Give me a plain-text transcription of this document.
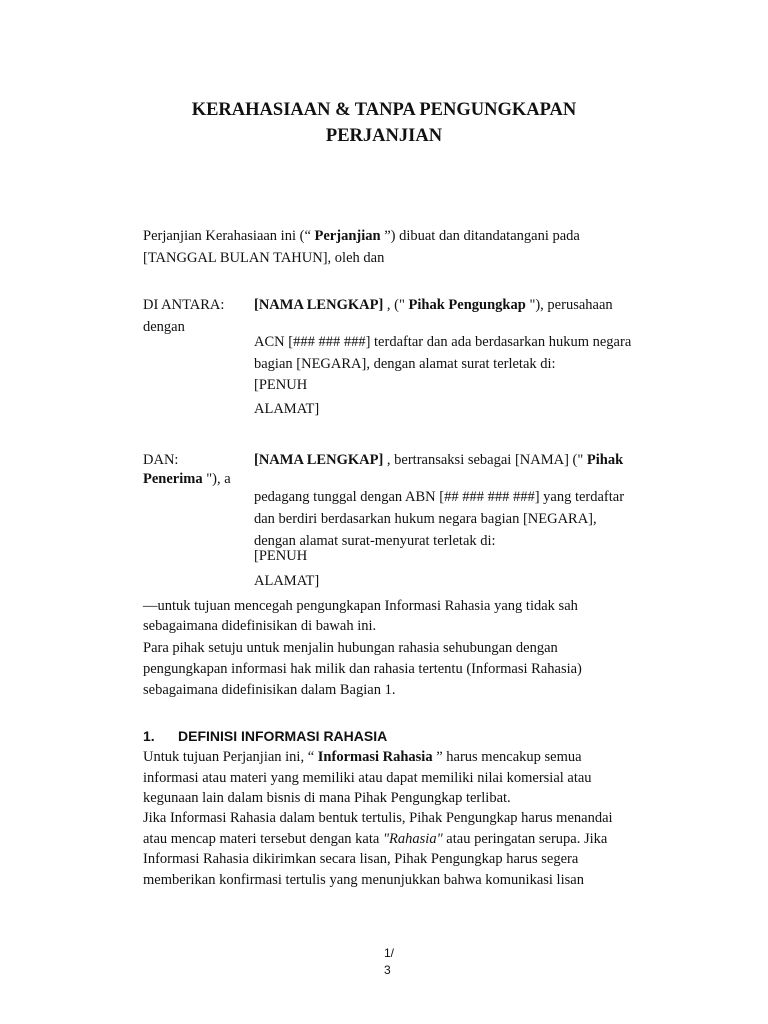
KERAHASIAAN & TANPA PENGUNGKAPAN
PERJANJIAN
Perjanjian Kerahasiaan ini (“ Perjanjian ”) dibuat dan ditandatangani pada
[TANGGAL BULAN TAHUN], oleh dan
DI ANTARA:
dengan
[NAMA LENGKAP] , (" Pihak Pengungkap "), perusahaan
ACN [### ### ###] terdaftar dan ada berdasarkan hukum negara
bagian [NEGARA], dengan alamat surat terletak di:
[PENUH
ALAMAT]
DAN:	[NAMA LENGKAP] , bertransaksi sebagai [NAMA] (" Pihak
Penerima "), a
pedagang tunggal dengan ABN [## ### ### ###] yang terdaftar
dan berdiri berdasarkan hukum negara bagian [NEGARA],
dengan alamat surat-menyurat terletak di:
[PENUH
ALAMAT]
—untuk tujuan mencegah pengungkapan Informasi Rahasia yang tidak sah
sebagaimana didefinisikan di bawah ini.
Para pihak setuju untuk menjalin hubungan rahasia sehubungan dengan
pengungkapan informasi hak milik dan rahasia tertentu (Informasi Rahasia)
sebagaimana didefinisikan dalam Bagian 1.
1. DEFINISI INFORMASI RAHASIA
Untuk tujuan Perjanjian ini, “ Informasi Rahasia ” harus mencakup semua
informasi atau materi yang memiliki atau dapat memiliki nilai komersial atau
kegunaan lain dalam bisnis di mana Pihak Pengungkap terlibat.
Jika Informasi Rahasia dalam bentuk tertulis, Pihak Pengungkap harus menandai
atau mencap materi tersebut dengan kata "Rahasia" atau peringatan serupa. Jika
Informasi Rahasia dikirimkan secara lisan, Pihak Pengungkap harus segera
memberikan konfirmasi tertulis yang menunjukkan bahwa komunikasi lisan
1/
3
